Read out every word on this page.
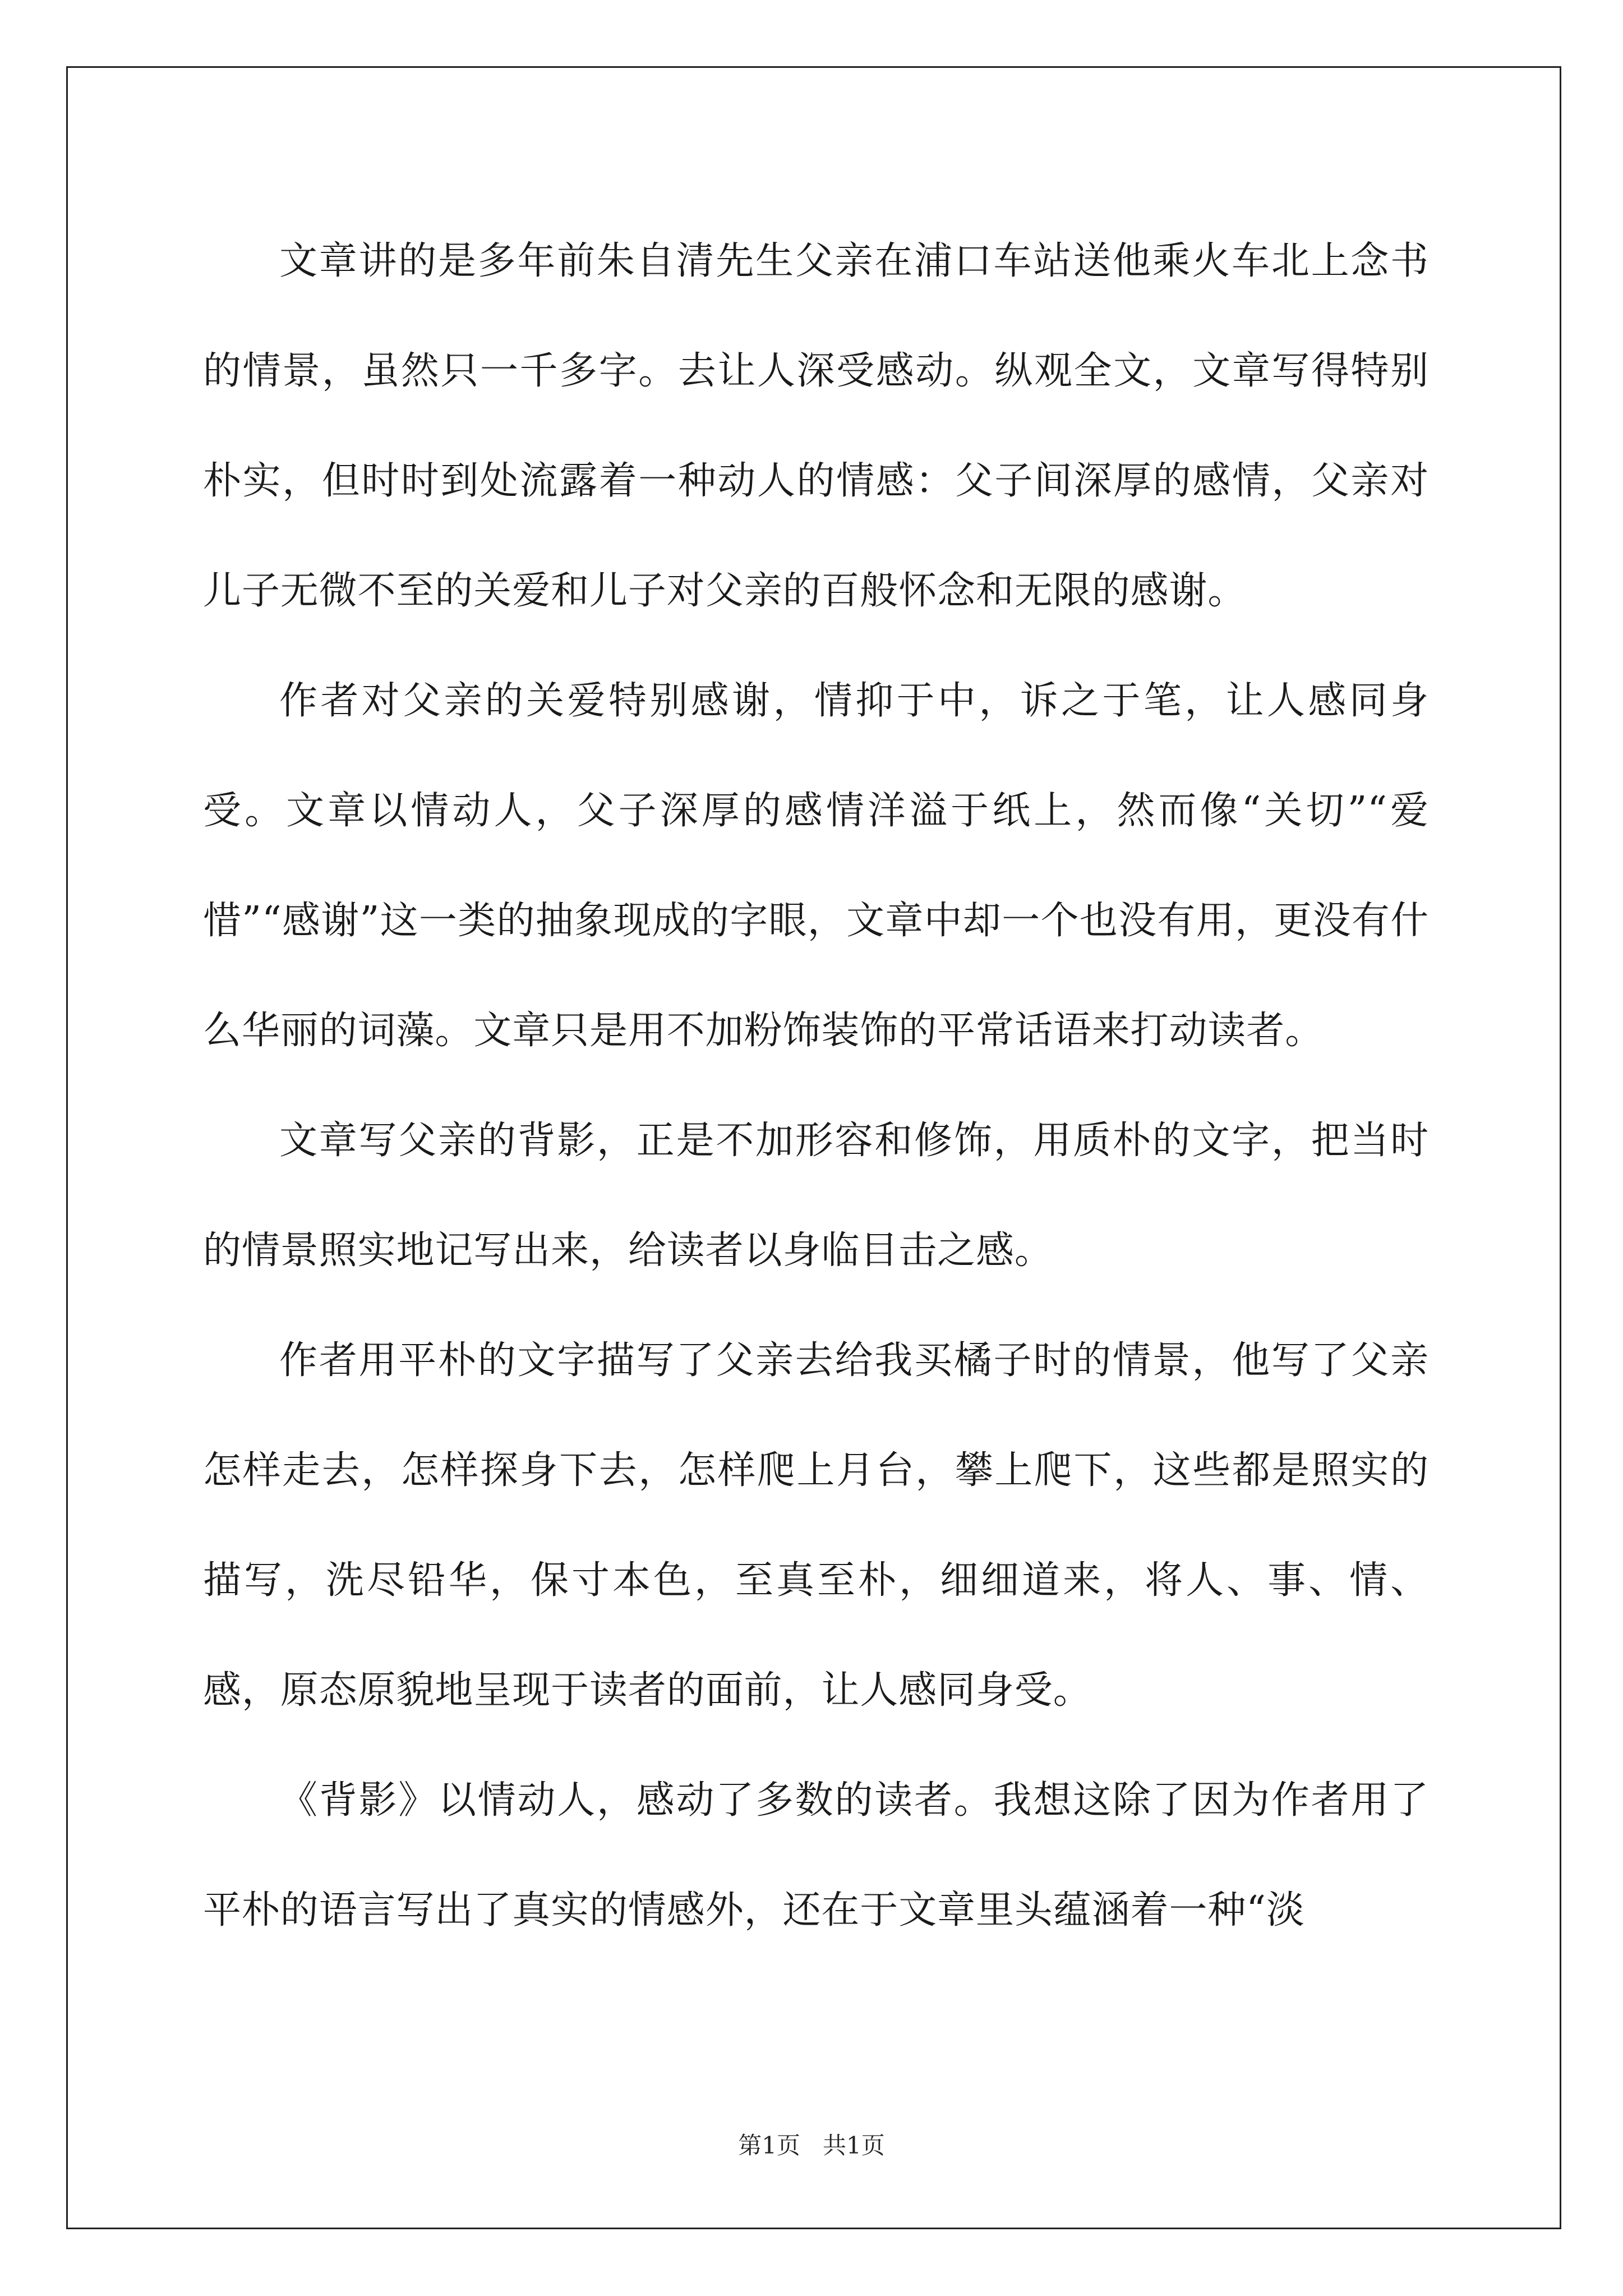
文章讲的是多年前朱自清先生父亲在浦口车站送他乘火车北上念书的情景，虽然只一千多字。去让人深受感动。纵观全文，文章写得特别朴实，但时时到处流露着一种动人的情感：父子间深厚的感情，父亲对儿子无微不至的关爱和儿子对父亲的百般怀念和无限的感谢。

作者对父亲的关爱特别感谢，情抑于中，诉之于笔，让人感同身受。文章以情动人，父子深厚的感情洋溢于纸上，然而像“关切”“爱惜”“感谢”这一类的抽象现成的字眼，文章中却一个也没有用，更没有什么华丽的词藻。文章只是用不加粉饰装饰的平常话语来打动读者。

文章写父亲的背影，正是不加形容和修饰，用质朴的文字，把当时的情景照实地记写出来，给读者以身临目击之感。

作者用平朴的文字描写了父亲去给我买橘子时的情景，他写了父亲怎样走去，怎样探身下去，怎样爬上月台，攀上爬下，这些都是照实的描写，洗尽铅华，保寸本色，至真至朴，细细道来，将人、事、情、感，原态原貌地呈现于读者的面前，让人感同身受。

《背影》以情动人，感动了多数的读者。我想这除了因为作者用了平朴的语言写出了真实的情感外，还在于文章里头蕴涵着一种“淡

第1页 共1页
